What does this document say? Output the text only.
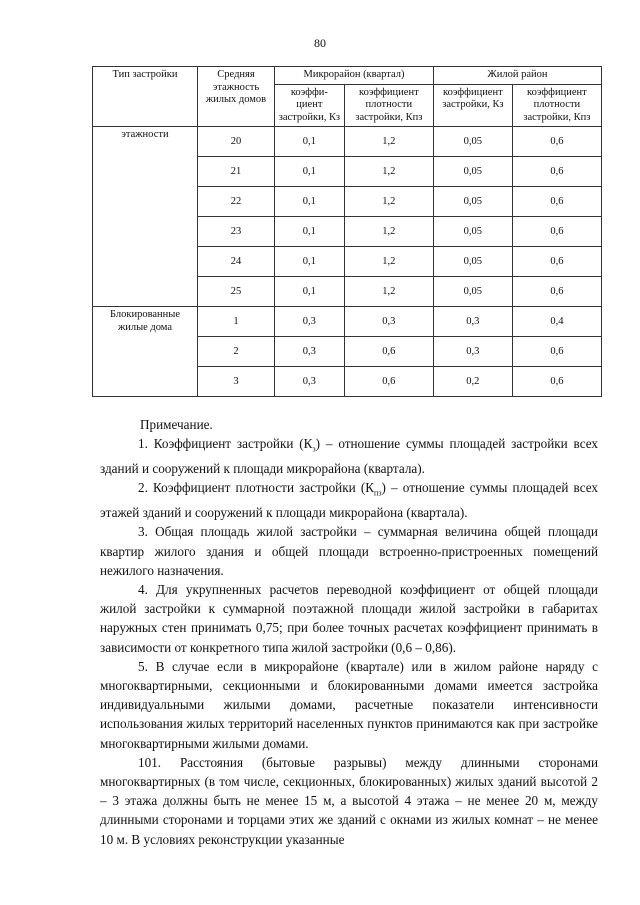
80
Тип застройки	Средняя этажность жилых домов	Микрорайон (квартал)		Жилой район	
		коэффи-циент застройки, Кз	коэффициент плотности застройки, Кпз	коэффициент застройки, Кз	коэффициент плотности застройки, Кпз
этажности	20	0,1	1,2	0,05	0,6
	21	0,1	1,2	0,05	0,6
	22	0,1	1,2	0,05	0,6
	23	0,1	1,2	0,05	0,6
	24	0,1	1,2	0,05	0,6
	25	0,1	1,2	0,05	0,6
Блокированные жилые дома	1	0,3	0,3	0,3	0,4
	2	0,3	0,6	0,3	0,6
	3	0,3	0,6	0,2	0,6

Примечание.

1. Коэффициент застройки $(К_з)$ – отношение суммы площадей застройки всех зданий и сооружений к площади микрорайона (квартала).

2. Коэффициент плотности застройки $(К_{пз})$ – отношение суммы площадей всех этажей зданий и сооружений к площади микрорайона (квартала).

3. Общая площадь жилой застройки – суммарная величина общей площади квартир жилого здания и общей площади встроенно-пристроенных помещений нежилого назначения.

4. Для укрупненных расчетов переводной коэффициент от общей площади жилой застройки к суммарной поэтажной площади жилой застройки в габаритах наружных стен принимать 0,75; при более точных расчетах коэффициент принимать в зависимости от конкретного типа жилой застройки (0,6 – 0,86).

5. В случае если в микрорайоне (квартале) или в жилом районе наряду с многоквартирными, секционными и блокированными домами имеется застройка индивидуальными жилыми домами, расчетные показатели интенсивности использования жилых территорий населенных пунктов принимаются как при застройке многоквартирными жилыми домами.

101. Расстояния (бытовые разрывы) между длинными сторонами многоквартирных (в том числе, секционных, блокированных) жилых зданий высотой 2 – 3 этажа должны быть не менее 15 м, а высотой 4 этажа – не менее 20 м, между длинными сторонами и торцами этих же зданий с окнами из жилых комнат – не менее 10 м. В условиях реконструкции указанные
